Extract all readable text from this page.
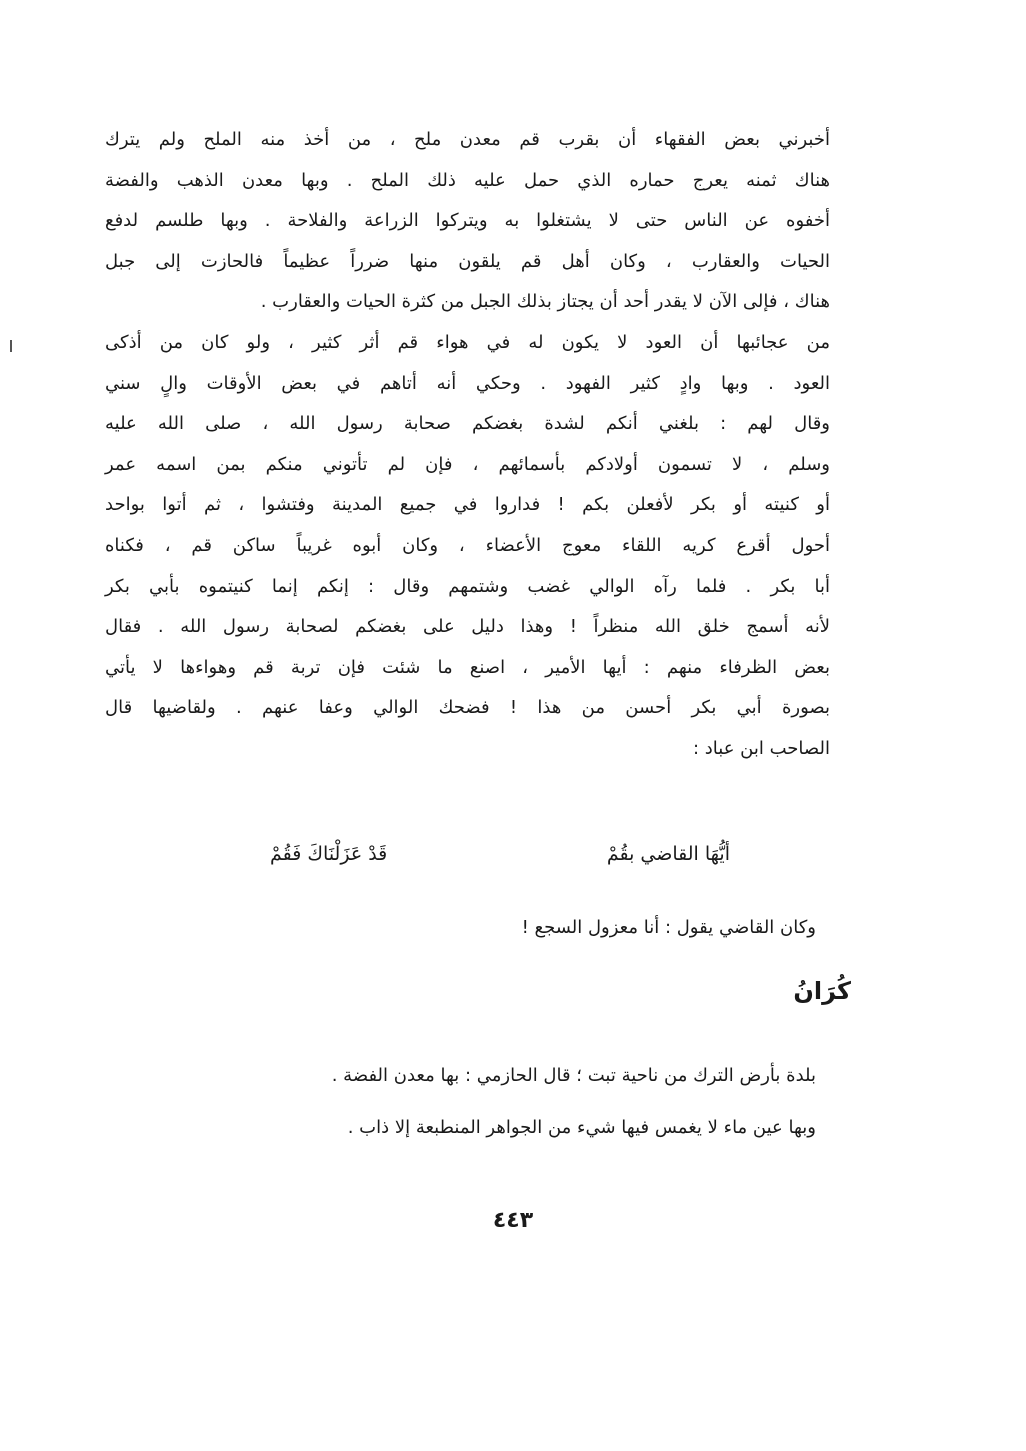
أخبرني بعض الفقهاء أن بقرب قم معدن ملح ، من أخذ منه الملح ولم يترك
هناك ثمنه يعرج حماره الذي حمل عليه ذلك الملح . وبها معدن الذهب والفضة
أخفوه عن الناس حتى لا يشتغلوا به ويتركوا الزراعة والفلاحة . وبها طلسم لدفع
الحيات والعقارب ، وكان أهل قم يلقون منها ضرراً عظيماً فالحازت إلى جبل
هناك ، فإلى الآن لا يقدر أحد أن يجتاز بذلك الجبل من كثرة الحيات والعقارب .
من عجائبها أن العود لا يكون له في هواء قم أثر كثير ، ولو كان من أذكى
العود . وبها وادٍ كثير الفهود . وحكي أنه أتاهم في بعض الأوقات والٍ سني
وقال لهم : بلغني أنكم لشدة بغضكم صحابة رسول الله ، صلى الله عليه
وسلم ، لا تسمون أولادكم بأسمائهم ، فإن لم تأتوني منكم بمن اسمه عمر
أو كنيته أو بكر لأفعلن بكم ! فداروا في جميع المدينة وفتشوا ، ثم أتوا بواحد
أحول أقرع كريه اللقاء معوج الأعضاء ، وكان أبوه غريباً ساكن قم ، فكناه
أبا بكر . فلما رآه الوالي غضب وشتمهم وقال : إنكم إنما كنيتموه بأبي بكر
لأنه أسمج خلق الله منظراً ! وهذا دليل على بغضكم لصحابة رسول الله . فقال
بعض الظرفاء منهم : أيها الأمير ، اصنع ما شئت فإن تربة قم وهواءها لا يأتي
بصورة أبي بكر أحسن من هذا ! فضحك الوالي وعفا عنهم . ولقاضيها قال
الصاحب ابن عباد :
أيُّهَا القاضي بقُمْ
قَدْ عَزَلْنَاكَ فَقُمْ
وكان القاضي يقول : أنا معزول السجع !
كُرَانُ
بلدة بأرض الترك من ناحية تبت ؛ قال الحازمي : بها معدن الفضة .
وبها عين ماء لا يغمس فيها شيء من الجواهر المنطبعة إلا ذاب .
٤٤٣
